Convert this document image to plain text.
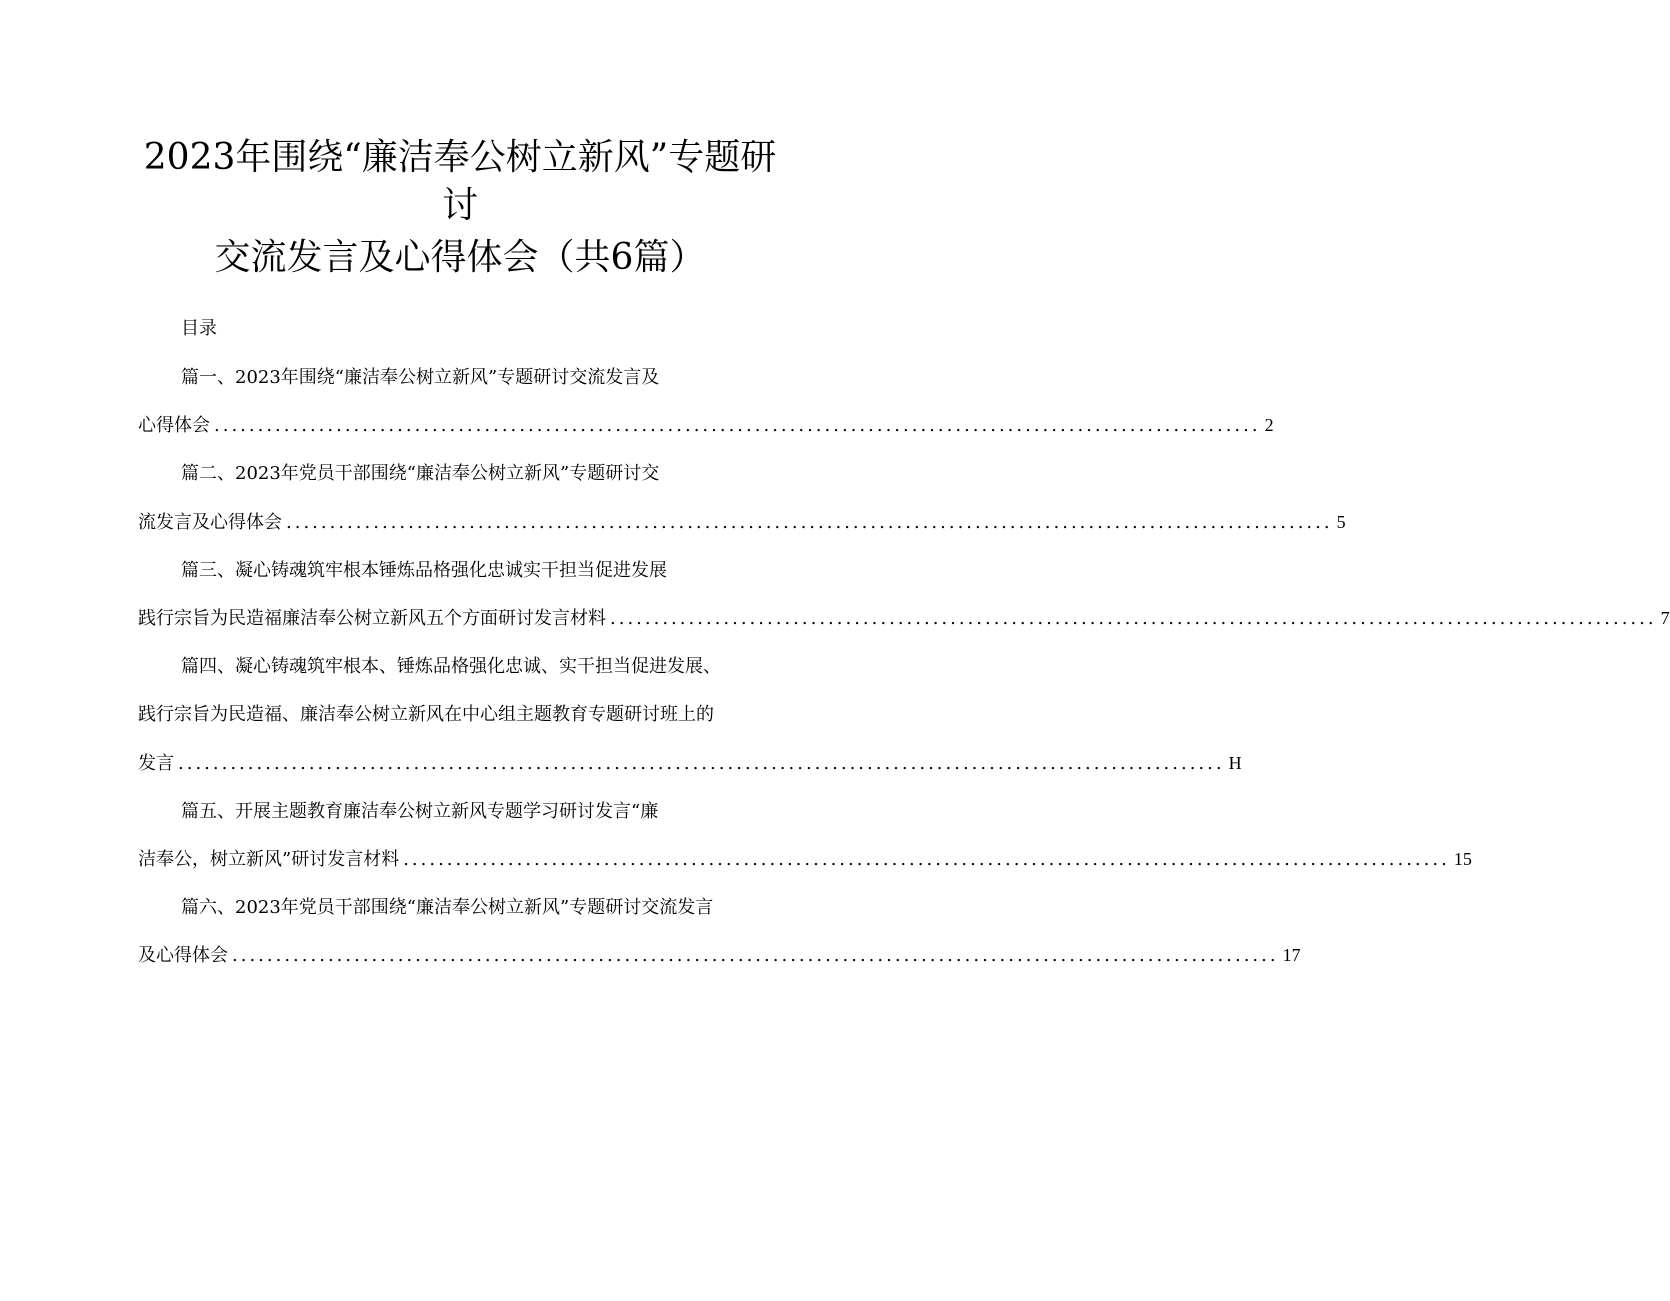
2023年围绕“廉洁奉公树立新风”专题研
讨
交流发言及心得体会（共6篇）
目录
篇一、2023年围绕“廉洁奉公树立新风”专题研讨交流发言及
心得体会 ........................................................................................................................ 2
篇二、2023年党员干部围绕“廉洁奉公树立新风”专题研讨交
流发言及心得体会 ........................................................................................................................ 5
篇三、凝心铸魂筑牢根本锤炼品格强化忠诚实干担当促进发展
践行宗旨为民造福廉洁奉公树立新风五个方面研讨发言材料 ........................................................................................................................ 7
篇四、凝心铸魂筑牢根本、锤炼品格强化忠诚、实干担当促进发展、
践行宗旨为民造福、廉洁奉公树立新风在中心组主题教育专题研讨班上的
发言 ........................................................................................................................ H
篇五、开展主题教育廉洁奉公树立新风专题学习研讨发言“廉
洁奉公，树立新风”研讨发言材料 ........................................................................................................................ 15
篇六、2023年党员干部围绕“廉洁奉公树立新风”专题研讨交流发言
及心得体会 ........................................................................................................................ 17
